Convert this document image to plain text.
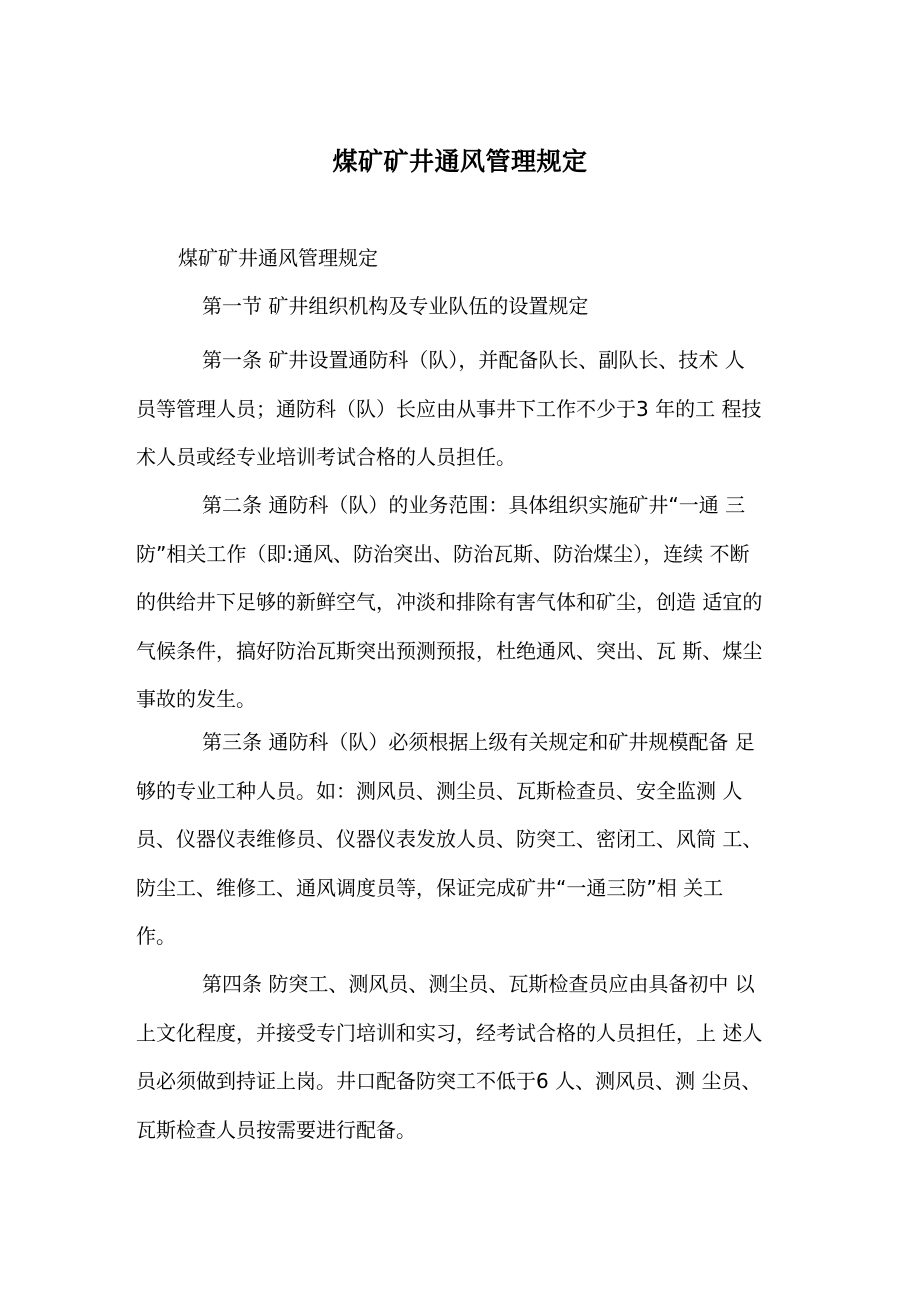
煤矿矿井通风管理规定
煤矿矿井通风管理规定
第一节 矿井组织机构及专业队伍的设置规定
第一条 矿井设置通防科（队），并配备队长、副队长、技术 人
员等管理人员；通防科（队）长应由从事井下工作不少于3 年的工 程技
术人员或经专业培训考试合格的人员担任。
第二条 通防科（队）的业务范围：具体组织实施矿井“一通 三
防”相关工作（即:通风、防治突出、防治瓦斯、防治煤尘），连续 不断
的供给井下足够的新鲜空气，冲淡和排除有害气体和矿尘，创造 适宜的
气候条件，搞好防治瓦斯突出预测预报，杜绝通风、突出、瓦 斯、煤尘
事故的发生。
第三条 通防科（队）必须根据上级有关规定和矿井规模配备 足
够的专业工种人员。如：测风员、测尘员、瓦斯检查员、安全监测 人
员、仪器仪表维修员、仪器仪表发放人员、防突工、密闭工、风筒 工、
防尘工、维修工、通风调度员等，保证完成矿井“一通三防”相 关工
作。
第四条 防突工、测风员、测尘员、瓦斯检查员应由具备初中 以
上文化程度，并接受专门培训和实习，经考试合格的人员担任，上 述人
员必须做到持证上岗。井口配备防突工不低于6 人、测风员、测 尘员、
瓦斯检查人员按需要进行配备。
